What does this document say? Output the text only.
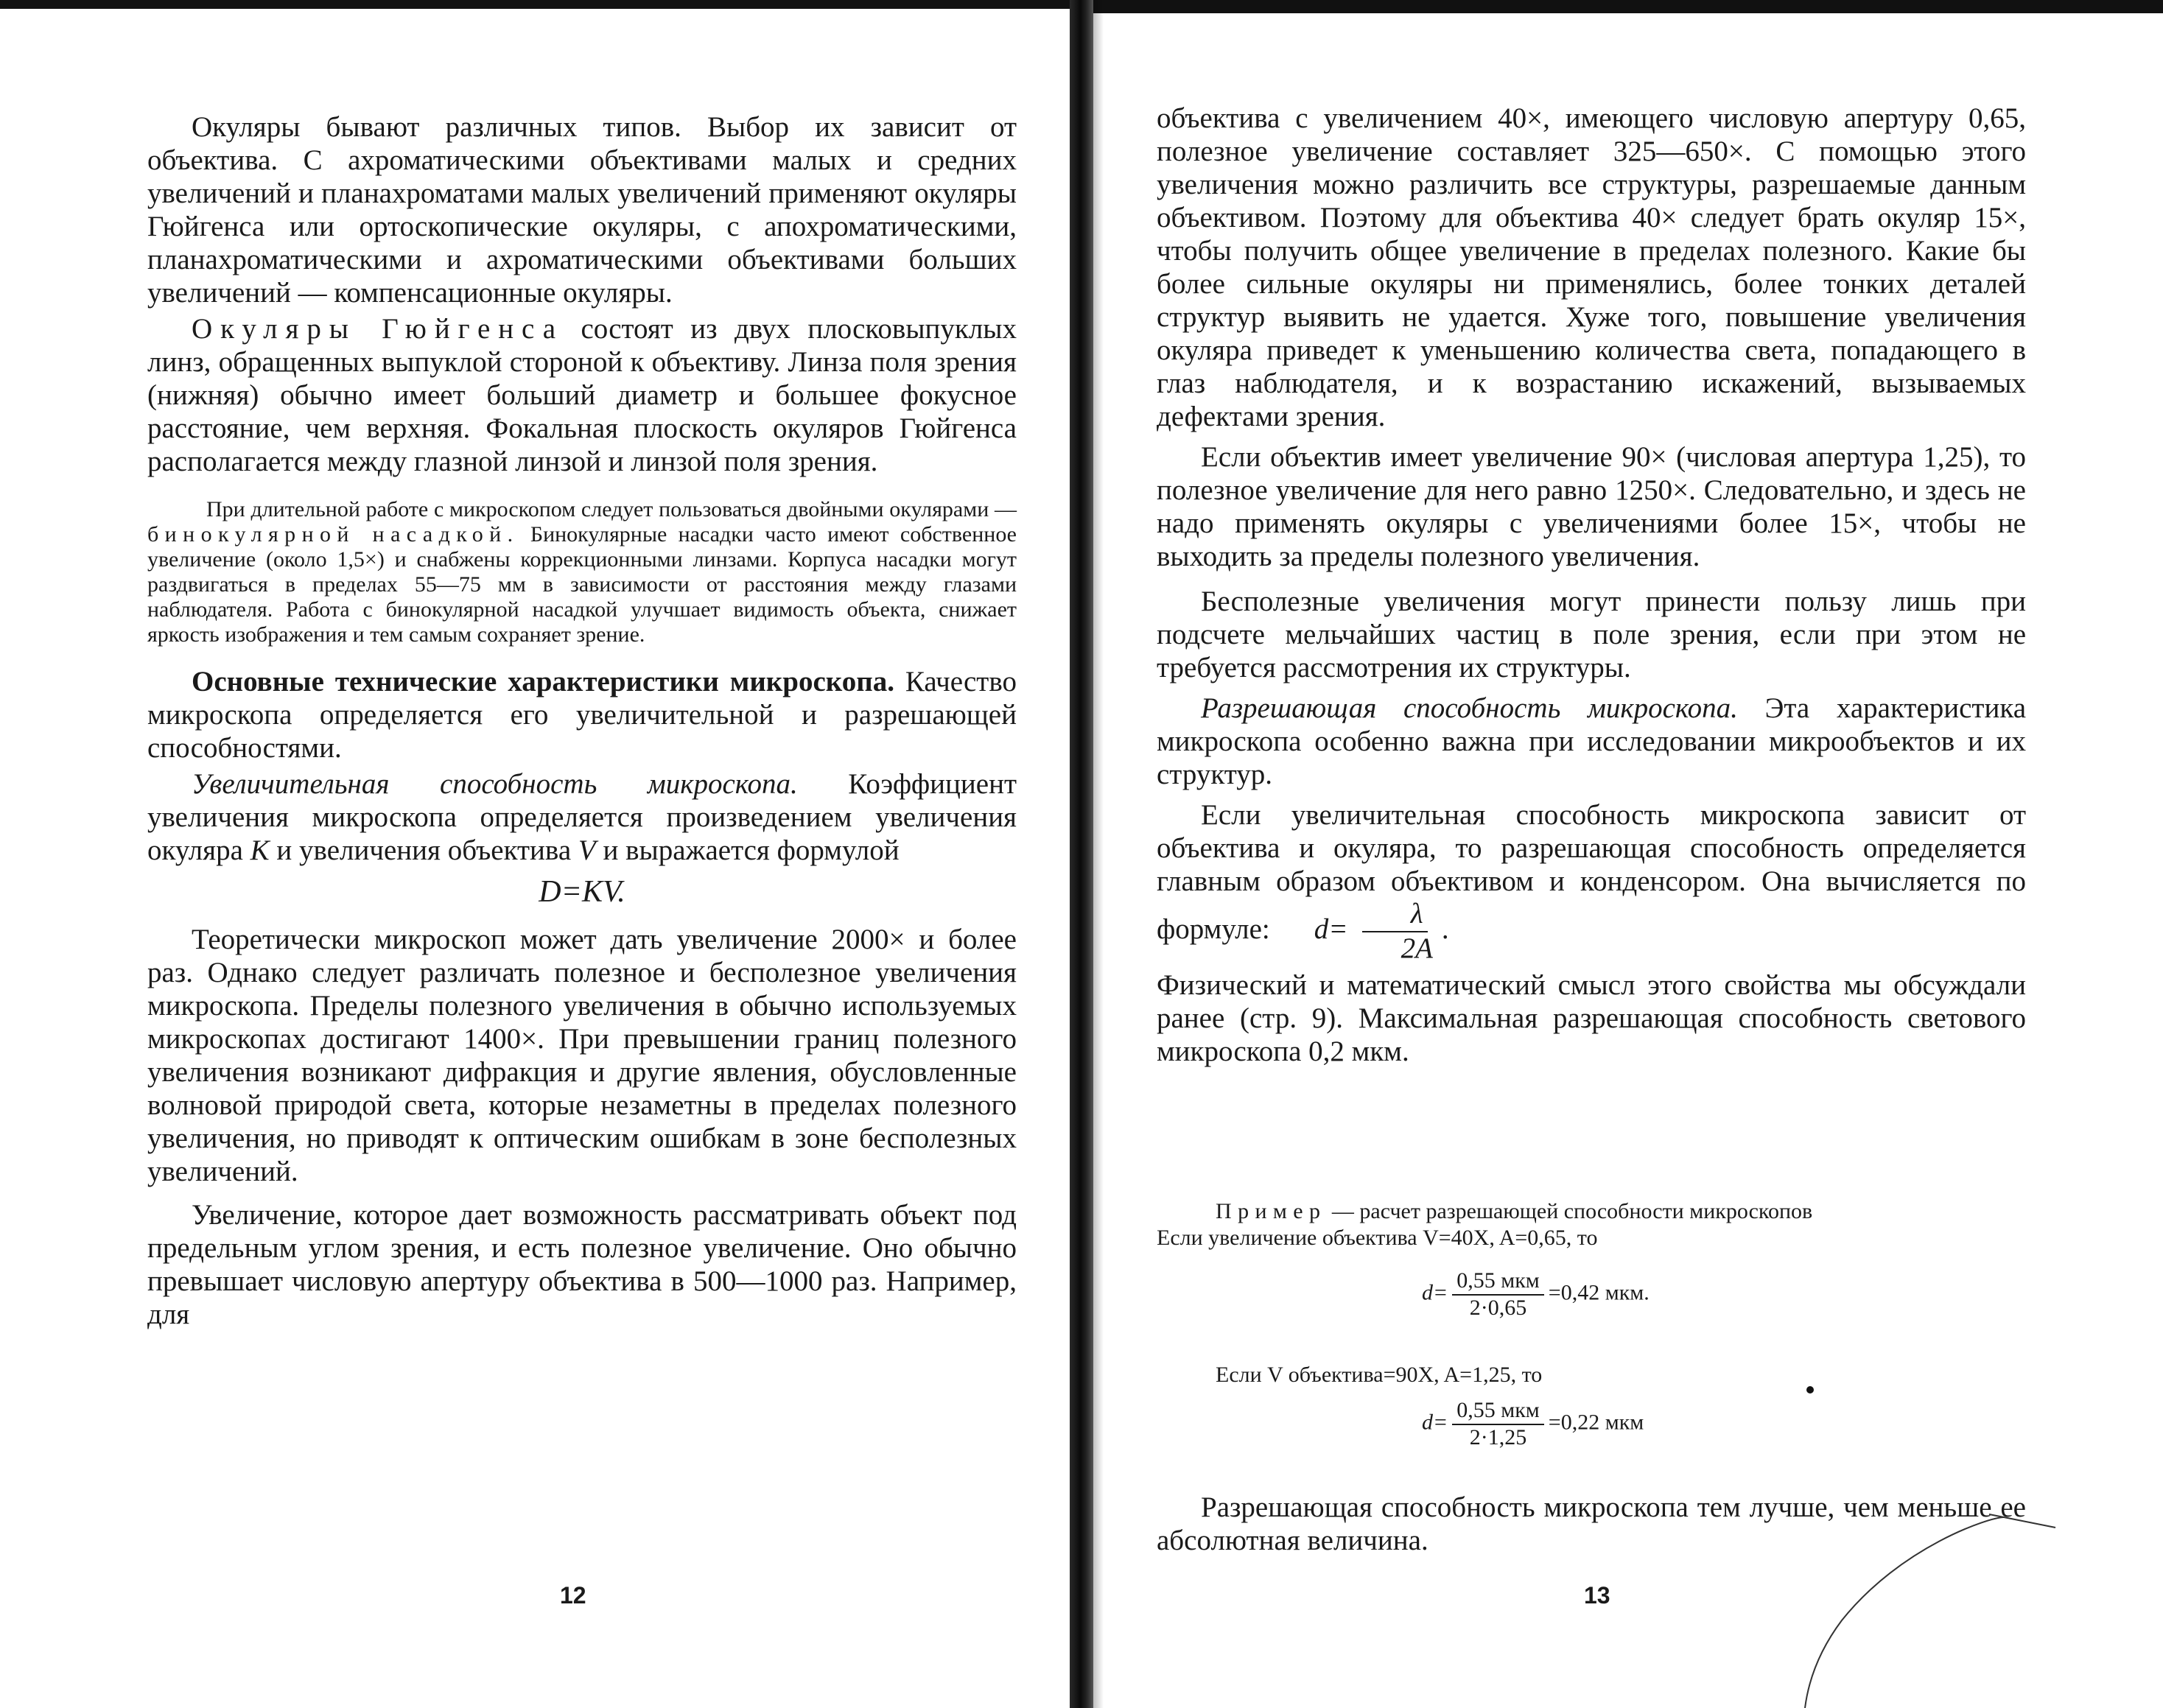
Окуляры бывают различных типов. Выбор их зависит от объектива. С ахроматическими объективами малых и средних увеличений и планахроматами малых увеличений применяют окуляры Гюйгенса или ортоскопические окуляры, с апохроматическими, планахроматическими и ахроматическими объективами больших увеличений — компенсационные окуляры.

Окуляры Гюйгенса состоят из двух плосковыпуклых линз, обращенных выпуклой стороной к объективу. Линза поля зрения (нижняя) обычно имеет больший диаметр и большее фокусное расстояние, чем верхняя. Фокальная плоскость окуляров Гюйгенса располагается между глазной линзой и линзой поля зрения.

При длительной работе с микроскопом следует пользоваться двойными окулярами — бинокулярной насадкой. Бинокулярные насадки часто имеют собственное увеличение (около 1,5×) и снабжены коррекционными линзами. Корпуса насадки могут раздвигаться в пределах 55—75 мм в зависимости от расстояния между глазами наблюдателя. Работа с бинокулярной насадкой улучшает видимость объекта, снижает яркость изображения и тем самым сохраняет зрение.

Основные технические характеристики микроскопа. Качество микроскопа определяется его увеличительной и разрешающей способностями.

Увеличительная способность микроскопа. Коэффициент увеличения микроскопа определяется произведением увеличения окуляра K и увеличения объектива V и выражается формулой

D=KV.

Теоретически микроскоп может дать увеличение 2000× и более раз. Однако следует различать полезное и бесполезное увеличения микроскопа. Пределы полезного увеличения в обычно используемых микроскопах достигают 1400×. При превышении границ полезного увеличения возникают дифракция и другие явления, обусловленные волновой природой света, которые незаметны в пределах полезного увеличения, но приводят к оптическим ошибкам в зоне бесполезных увеличений.

Увеличение, которое дает возможность рассматривать объект под предельным углом зрения, и есть полезное увеличение. Оно обычно превышает числовую апертуру объектива в 500—1000 раз. Например, для

12

объектива с увеличением 40×, имеющего числовую апертуру 0,65, полезное увеличение составляет 325—650×. С помощью этого увеличения можно различить все структуры, разрешаемые данным объективом. Поэтому для объектива 40× следует брать окуляр 15×, чтобы получить общее увеличение в пределах полезного. Какие бы более сильные окуляры ни применялись, более тонких деталей структур выявить не удается. Хуже того, повышение увеличения окуляра приведет к уменьшению количества света, попадающего в глаз наблюдателя, и к возрастанию искажений, вызываемых дефектами зрения.

Если объектив имеет увеличение 90× (числовая апертура 1,25), то полезное увеличение для него равно 1250×. Следовательно, и здесь не надо применять окуляры с увеличениями более 15×, чтобы не выходить за пределы полезного увеличения.

Бесполезные увеличения могут принести пользу лишь при подсчете мельчайших частиц в поле зрения, если при этом не требуется рассмотрения их структуры.

Разрешающая способность микроскопа. Эта характеристика микроскопа особенно важна при исследовании микрообъектов и их структур.

Если увеличительная способность микроскопа зависит от объектива и окуляра, то разрешающая способность определяется главным образом объективом и конденсором. Она вычисляется по формуле: $d= \frac{\lambda}{2A}$ .

Физический и математический смысл этого свойства мы обсуждали ранее (стр. 9). Максимальная разрешающая способность светового микроскопа 0,2 мкм.

Пример — расчет разрешающей способности микроскопов

Если увеличение объектива V=40X, A=0,65, то

$d= \frac{\text{0,55 мкм}}{2\cdot 0,65} =0,42$ мкм.

Если V объектива=90X, A=1,25, то

$d= \frac{\text{0,55 мкм}}{2\cdot 1,25} =0,22$ мкм

Разрешающая способность микроскопа тем лучше, чем меньше ее абсолютная величина.

13
